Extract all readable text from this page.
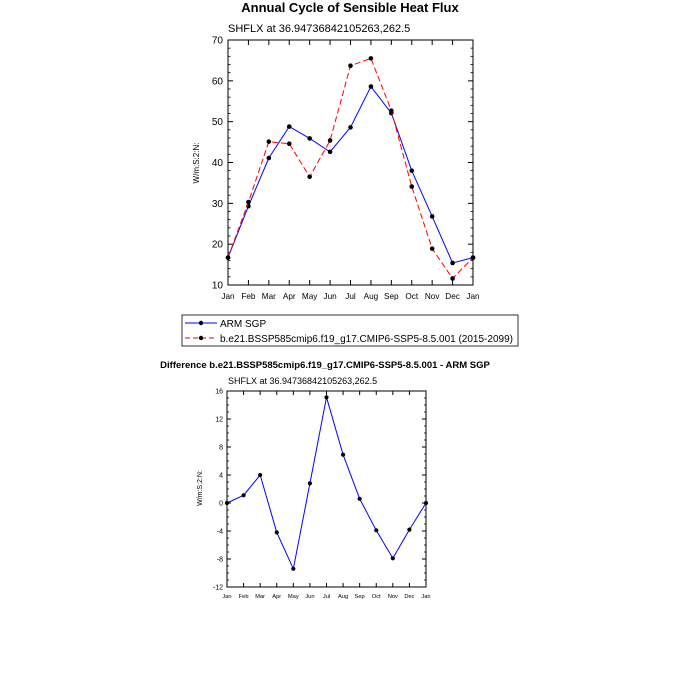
Annual Cycle of Sensible Heat Flux
SHFLX at 36.94736842105263,262.5
W/m:S:2:N:
10
20
30
40
50
60
70
Jan Feb Mar Apr May Jun Jul Aug Sep Oct Nov Dec Jan
ARM SGP
b.e21.BSSP585cmip6.f19_g17.CMIP6-SSP5-8.5.001 (2015-2099)
Difference b.e21.BSSP585cmip6.f19_g17.CMIP6-SSP5-8.5.001 - ARM SGP
SHFLX at 36.94736842105263,262.5
W/m:S:2:N:
-12
-8
-4
0
4
8
12
16
Jan Feb Mar Apr May Jun Jul Aug Sep Oct Nov Dec Jan
